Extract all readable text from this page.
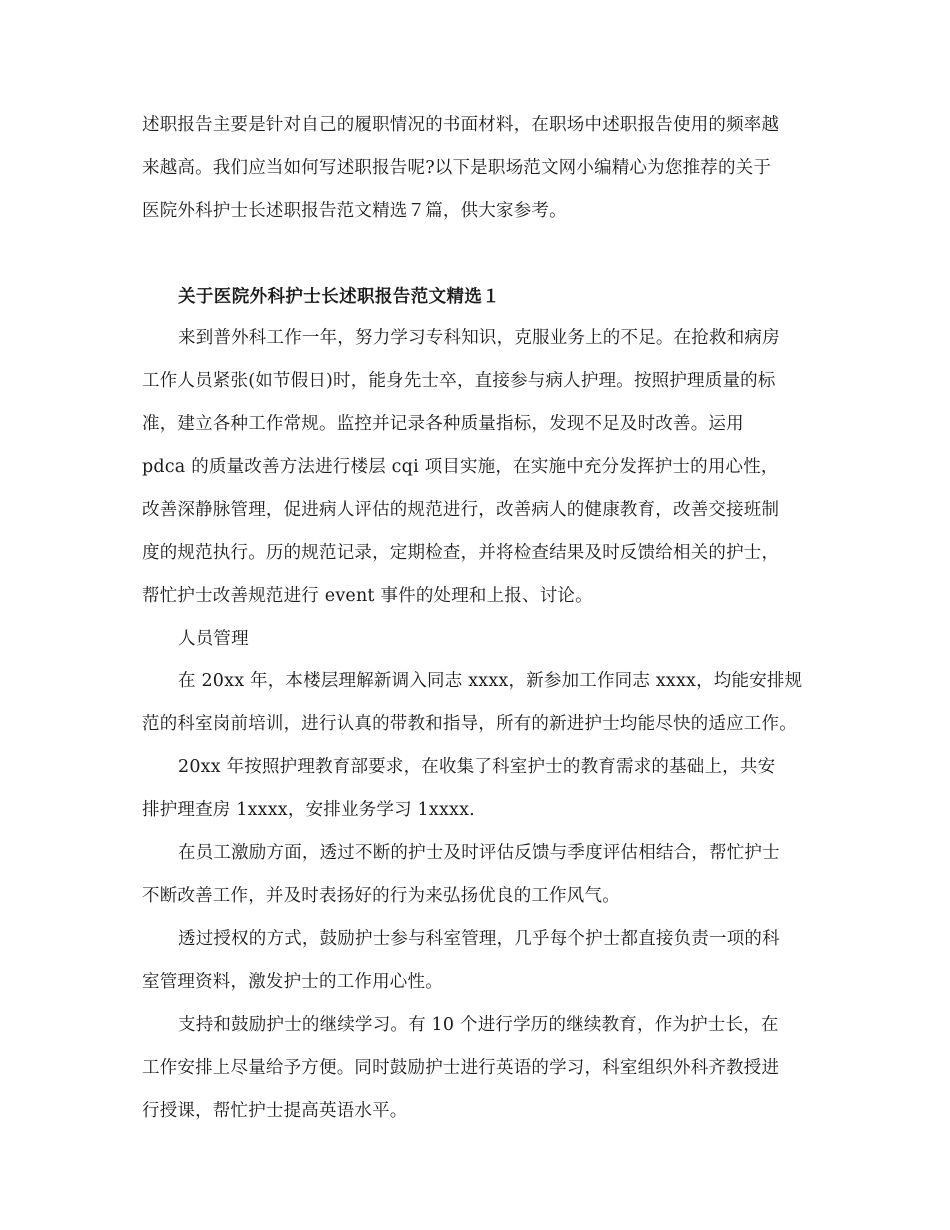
述职报告主要是针对自己的履职情况的书面材料，在职场中述职报告使用的频率越
来越高。我们应当如何写述职报告呢?以下是职场范文网小编精心为您推荐的关于
医院外科护士长述职报告范文精选７篇，供大家参考。
关于医院外科护士长述职报告范文精选１
来到普外科工作一年，努力学习专科知识，克服业务上的不足。在抢救和病房
工作人员紧张(如节假日)时，能身先士卒，直接参与病人护理。按照护理质量的标
准，建立各种工作常规。监控并记录各种质量指标，发现不足及时改善。运用
pdca 的质量改善方法进行楼层 cqi 项目实施，在实施中充分发挥护士的用心性，
改善深静脉管理，促进病人评估的规范进行，改善病人的健康教育，改善交接班制
度的规范执行。历的规范记录，定期检查，并将检查结果及时反馈给相关的护士，
帮忙护士改善规范进行 event 事件的处理和上报、讨论。
人员管理
在 20xx 年，本楼层理解新调入同志 xxxx，新参加工作同志 xxxx，均能安排规
范的科室岗前培训，进行认真的带教和指导，所有的新进护士均能尽快的适应工作。
20xx 年按照护理教育部要求，在收集了科室护士的教育需求的基础上，共安
排护理查房 1xxxx，安排业务学习 1xxxx.
在员工激励方面，透过不断的护士及时评估反馈与季度评估相结合，帮忙护士
不断改善工作，并及时表扬好的行为来弘扬优良的工作风气。
透过授权的方式，鼓励护士参与科室管理，几乎每个护士都直接负责一项的科
室管理资料，激发护士的工作用心性。
支持和鼓励护士的继续学习。有 10 个进行学历的继续教育，作为护士长，在
工作安排上尽量给予方便。同时鼓励护士进行英语的学习，科室组织外科齐教授进
行授课，帮忙护士提高英语水平。
